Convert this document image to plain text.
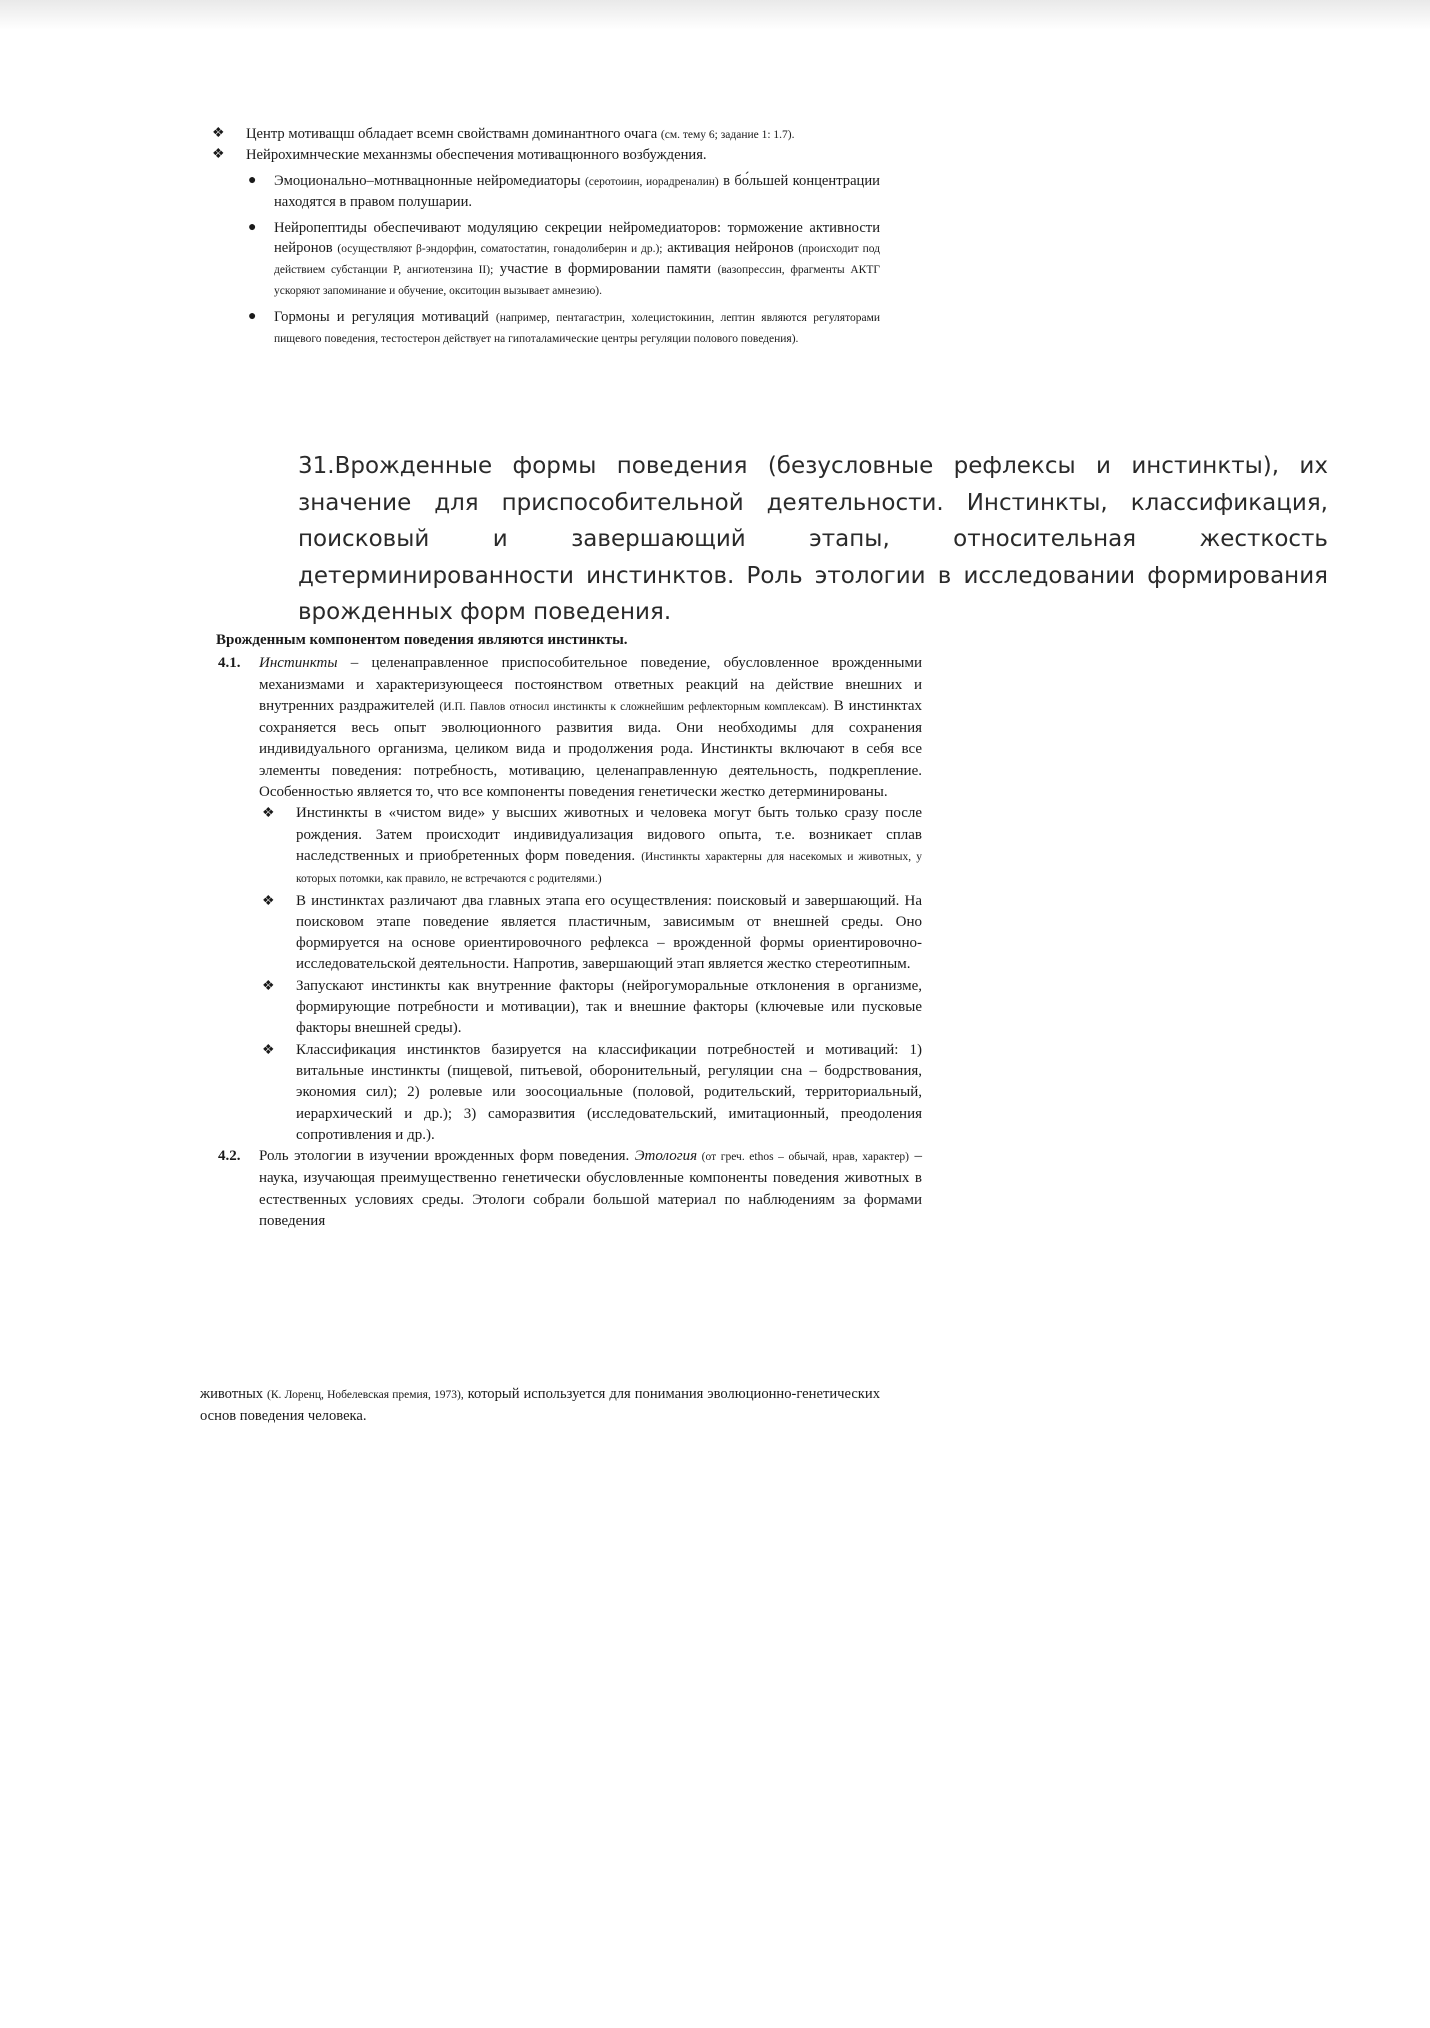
❖ Центр мотиващш обладает всемн свойствамн доминантного очага (см. тему 6; задание 1: 1.7).

❖ Нейрохимнческие механнзмы обеспечения мотиващюнного возбуждения.

● Эмоционально–мотнвацнонные нейромедиаторы (серотоиин, иорадреналин) в бо́льшей концентрации находятся в правом полушарии.

● Нейропептиды обеспечивают модуляцию секреции нейромедиаторов: торможение активности нейронов (осуществляют β-эндорфин, соматостатин, гонадолиберин и др.); активация нейронов (происходит под действием субстанции P, ангиотензина II); участие в формировании памяти (вазопрессин, фрагменты АКТГ ускоряют запоминание и обучение, окситоцин вызывает амнезию).

● Гормоны и регуляция мотиваций (например, пентагастрин, холецистокинин, лептин являются регуляторами пищевого поведения, тестостерон действует на гипоталамические центры регуляции полового поведения).

31.Врожденные формы поведения (безусловные рефлексы и инстинкты), их значение для приспособительной деятельности. Инстинкты, классификация, поисковый и завершающий этапы, относительная жесткость детерминированности инстинктов. Роль этологии в исследовании формирования врожденных форм поведения.

Врожденным компонентом поведения являются инстинкты.

4.1. Инстинкты – целенаправленное приспособительное поведение, обусловленное врожденными механизмами и характеризующееся постоянством ответных реакций на действие внешних и внутренних раздражителей (И.П. Павлов относил инстинкты к сложнейшим рефлекторным комплексам). В инстинктах сохраняется весь опыт эволюционного развития вида. Они необходимы для сохранения индивидуального организма, целиком вида и продолжения рода. Инстинкты включают в себя все элементы поведения: потребность, мотивацию, целенаправленную деятельность, подкрепление. Особенностью является то, что все компоненты поведения генетически жестко детерминированы.

❖ Инстинкты в «чистом виде» у высших животных и человека могут быть только сразу после рождения. Затем происходит индивидуализация видового опыта, т.е. возникает сплав наследственных и приобретенных форм поведения. (Инстинкты характерны для насекомых и животных, у которых потомки, как правило, не встречаются с родителями.)

❖ В инстинктах различают два главных этапа его осуществления: поисковый и завершающий. На поисковом этапе поведение является пластичным, зависимым от внешней среды. Оно формируется на основе ориентировочного рефлекса – врожденной формы ориентировочно-исследовательской деятельности. Напротив, завершающий этап является жестко стереотипным.

❖ Запускают инстинкты как внутренние факторы (нейрогуморальные отклонения в организме, формирующие потребности и мотивации), так и внешние факторы (ключевые или пусковые факторы внешней среды).

❖ Классификация инстинктов базируется на классификации потребностей и мотиваций: 1) витальные инстинкты (пищевой, питьевой, оборонительный, регуляции сна – бодрствования, экономия сил); 2) ролевые или зоосоциальные (половой, родительский, территориальный, иерархический и др.); 3) саморазвития (исследовательский, имитационный, преодоления сопротивления и др.).

4.2. Роль этологии в изучении врожденных форм поведения. Этология (от греч. ethos – обычай, нрав, характер) – наука, изучающая преимущественно генетически обусловленные компоненты поведения животных в естественных условиях среды. Этологи собрали большой материал по наблюдениям за формами поведения

животных (К. Лоренц, Нобелевская премия, 1973), который используется для понимания эволюционно-генетических основ поведения человека.
